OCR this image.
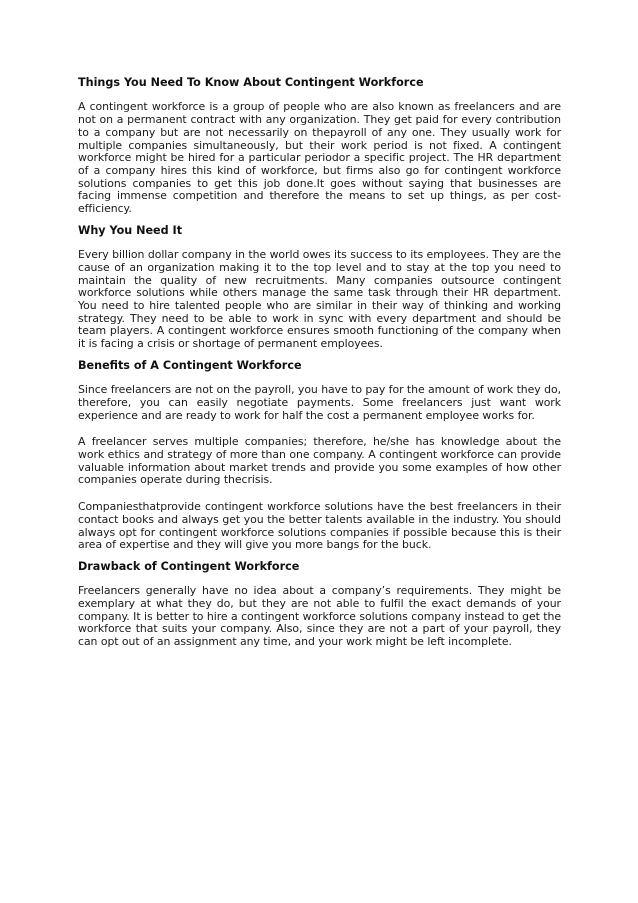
Things You Need To Know About Contingent Workforce

A contingent workforce is a group of people who are also known as freelancers and are not on a permanent contract with any organization. They get paid for every contribution to a company but are not necessarily on thepayroll of any one. They usually work for multiple companies simultaneously, but their work period is not fixed. A contingent workforce might be hired for a particular periodor a specific project. The HR department of a company hires this kind of workforce, but firms also go for contingent workforce solutions companies to get this job done.It goes without saying that businesses are facing immense competition and therefore the means to set up things, as per cost-efficiency.

Why You Need It

Every billion dollar company in the world owes its success to its employees. They are the cause of an organization making it to the top level and to stay at the top you need to maintain the quality of new recruitments. Many companies outsource contingent workforce solutions while others manage the same task through their HR department. You need to hire talented people who are similar in their way of thinking and working strategy. They need to be able to work in sync with every department and should be team players. A contingent workforce ensures smooth functioning of the company when it is facing a crisis or shortage of permanent employees.

Benefits of A Contingent Workforce

Since freelancers are not on the payroll, you have to pay for the amount of work they do, therefore, you can easily negotiate payments. Some freelancers just want work experience and are ready to work for half the cost a permanent employee works for.

A freelancer serves multiple companies; therefore, he/she has knowledge about the work ethics and strategy of more than one company. A contingent workforce can provide valuable information about market trends and provide you some examples of how other companies operate during thecrisis.

Companiesthatprovide contingent workforce solutions have the best freelancers in their contact books and always get you the better talents available in the industry. You should always opt for contingent workforce solutions companies if possible because this is their area of expertise and they will give you more bangs for the buck.

Drawback of Contingent Workforce

Freelancers generally have no idea about a company’s requirements. They might be exemplary at what they do, but they are not able to fulfil the exact demands of your company. It is better to hire a contingent workforce solutions company instead to get the workforce that suits your company. Also, since they are not a part of your payroll, they can opt out of an assignment any time, and your work might be left incomplete.
